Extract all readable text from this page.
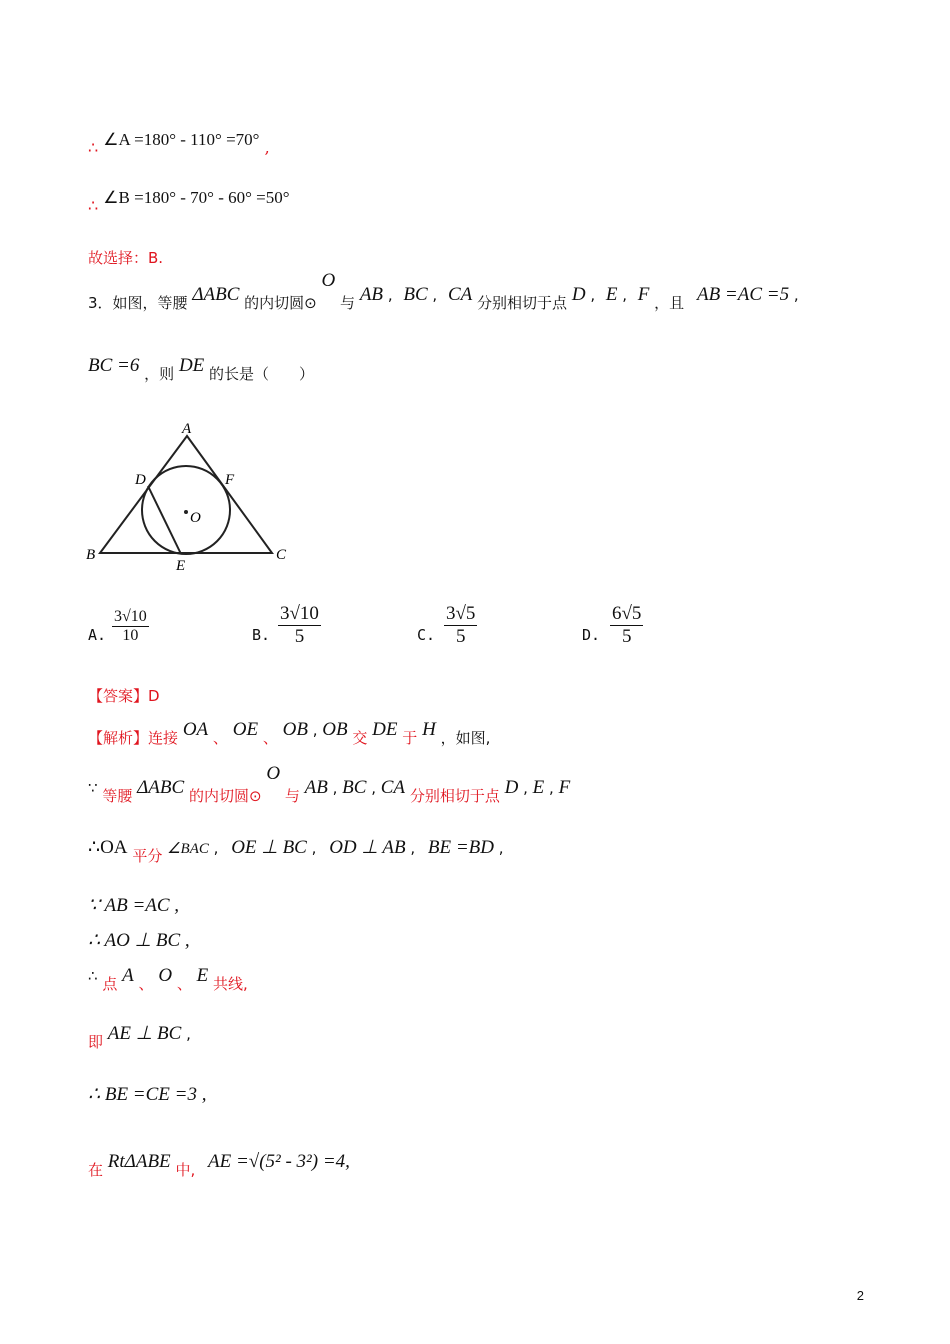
∴ ∠A =180° - 110° =70° ,
∴ ∠B =180° - 70° - 60° =50°
故选择：B.
3．如图，等腰 ΔABC 的内切圆⊙ O 与 AB , BC , CA 分别相切于点 D , E , F ，且 AB =AC =5 ,
BC =6 ，则 DE 的长是（　　）
A
B	C
D
E
F
O
A. $\frac{3√10}{10}$	B. $\frac{3√10}{5}$	C. $\frac{3√5}{5}$	D. $\frac{6√5}{5}$
【答案】D
【解析】连接 OA 、 OE 、 OB , OB 交 DE 于 H ，如图,
∵ 等腰 ΔABC 的内切圆⊙ O 与 AB , BC , CA 分别相切于点 D , E , F
∴OA 平分 ∠BAC , OE ⊥ BC , OD ⊥ AB , BE =BD ,
∵ AB =AC ,
∴ AO ⊥ BC ,
∴ 点 A 、 O 、 E 共线,
即 AE ⊥ BC ,
∴ BE =CE =3 ,
在 RtΔABE 中, AE =√(5² - 3²) =4,
2
